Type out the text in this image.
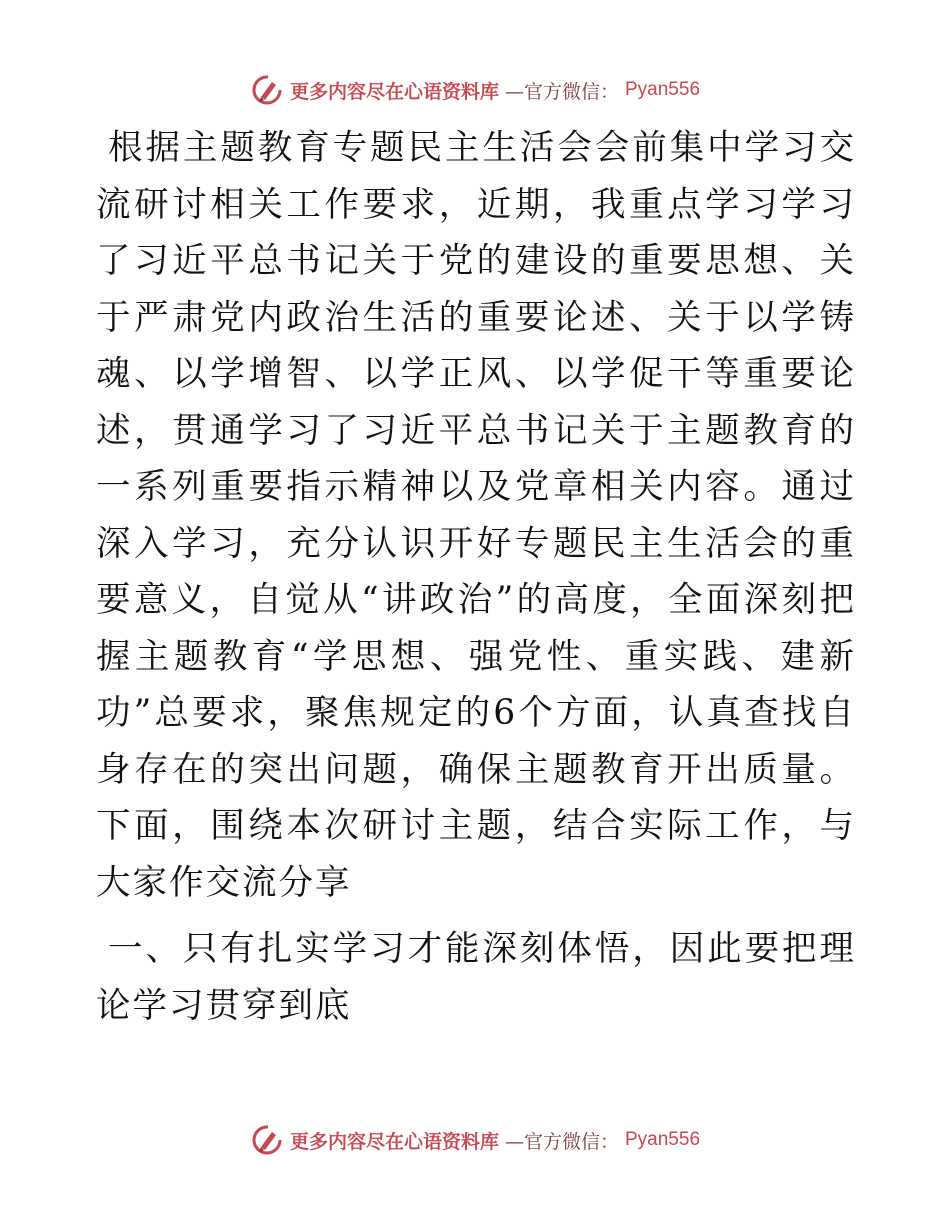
更多内容尽在心语资料库 —官方微信： Pyan556

根据主题教育专题民主生活会会前集中学习交流研讨相关工作要求，近期，我重点学习学习了习近平总书记关于党的建设的重要思想、关于严肃党内政治生活的重要论述、关于以学铸魂、以学增智、以学正风、以学促干等重要论述，贯通学习了习近平总书记关于主题教育的一系列重要指示精神以及党章相关内容。通过深入学习，充分认识开好专题民主生活会的重要意义，自觉从“讲政治”的高度，全面深刻把握主题教育“学思想、强党性、重实践、建新功”总要求，聚焦规定的6个方面，认真查找自身存在的突出问题，确保主题教育开出质量。下面，围绕本次研讨主题，结合实际工作，与大家作交流分享

一、只有扎实学习才能深刻体悟，因此要把理论学习贯穿到底

更多内容尽在心语资料库 —官方微信： Pyan556
